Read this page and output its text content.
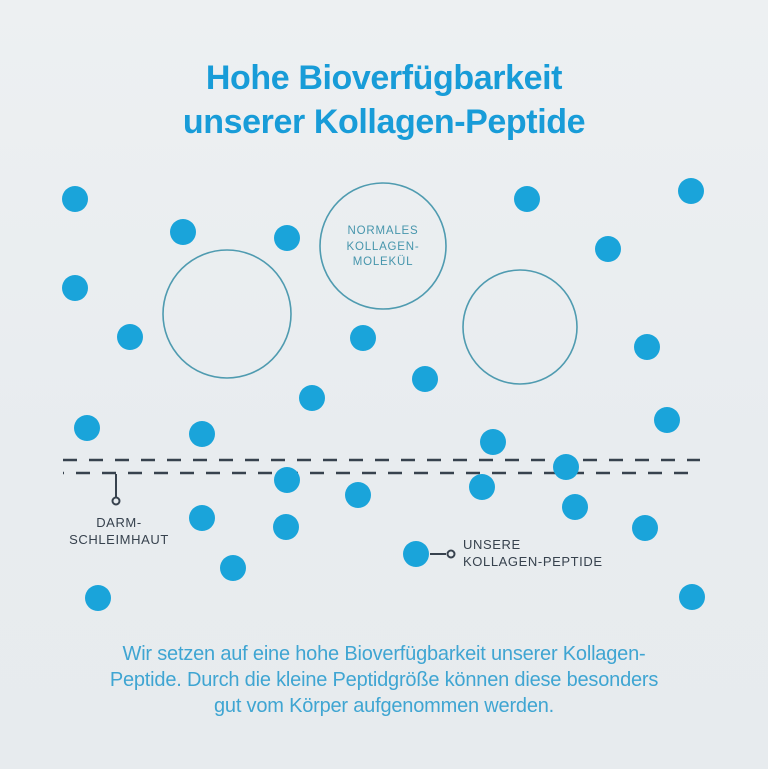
Hohe Bioverfügbarkeit
unserer Kollagen-Peptide
NORMALES
KOLLAGEN-
MOLEKÜL
DARM-
SCHLEIMHAUT	UNSERE
KOLLAGEN-PEPTIDE
Wir setzen auf eine hohe Bioverfügbarkeit unserer Kollagen-
Peptide. Durch die kleine Peptidgröße können diese besonders
gut vom Körper aufgenommen werden.
